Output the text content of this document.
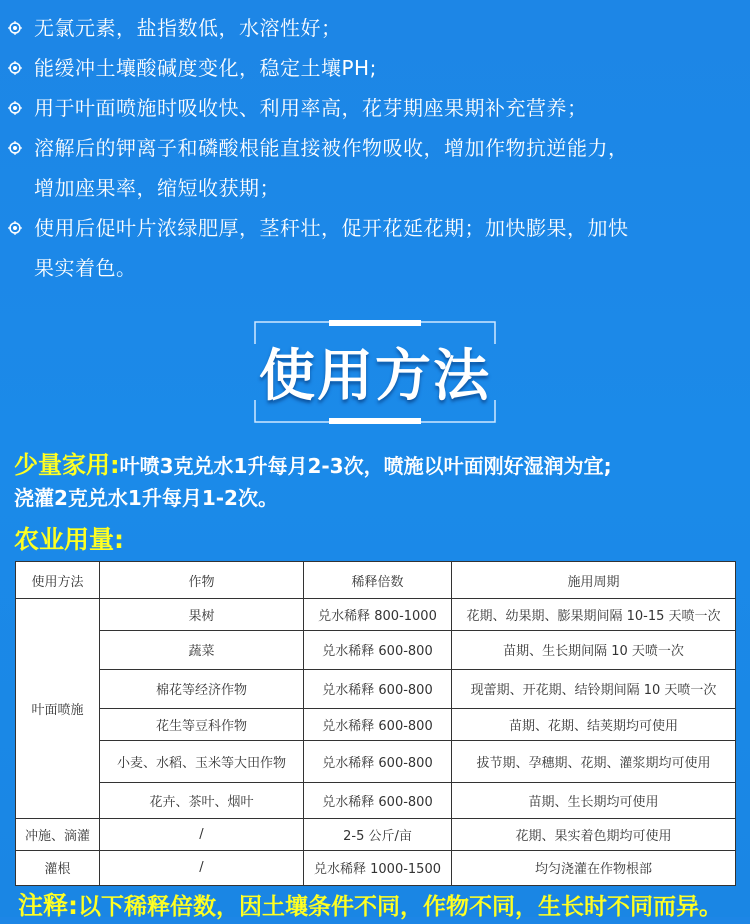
无氯元素，盐指数低，水溶性好；
能缓冲土壤酸碱度变化，稳定土壤PH;
用于叶面喷施时吸收快、利用率高，花芽期座果期补充营养；
溶解后的钾离子和磷酸根能直接被作物吸收，增加作物抗逆能力，
增加座果率，缩短收获期；
使用后促叶片浓绿肥厚，茎秆壮，促开花延花期；加快膨果，加快
果实着色。
使用方法
少量家用:叶喷3克兑水1升每月2-3次，喷施以叶面刚好湿润为宜;
浇灌2克兑水1升每月1-2次。
农业用量:
使用方法	作物	稀释倍数	施用周期
叶面喷施	果树	兑水稀释 800-1000	花期、幼果期、膨果期间隔 10-15 天喷一次
	蔬菜	兑水稀释 600-800	苗期、生长期间隔 10 天喷一次
	棉花等经济作物	兑水稀释 600-800	现蕾期、开花期、结铃期间隔 10 天喷一次
	花生等豆科作物	兑水稀释 600-800	苗期、花期、结荚期均可使用
	小麦、水稻、玉米等大田作物	兑水稀释 600-800	拔节期、孕穗期、花期、灌浆期均可使用
	花卉、茶叶、烟叶	兑水稀释 600-800	苗期、生长期均可使用
冲施、滴灌	/	2-5 公斤/亩	花期、果实着色期均可使用
灌根	/	兑水稀释 1000-1500	均匀浇灌在作物根部
注释:以下稀释倍数，因土壤条件不同，作物不同，生长时不同而异。
